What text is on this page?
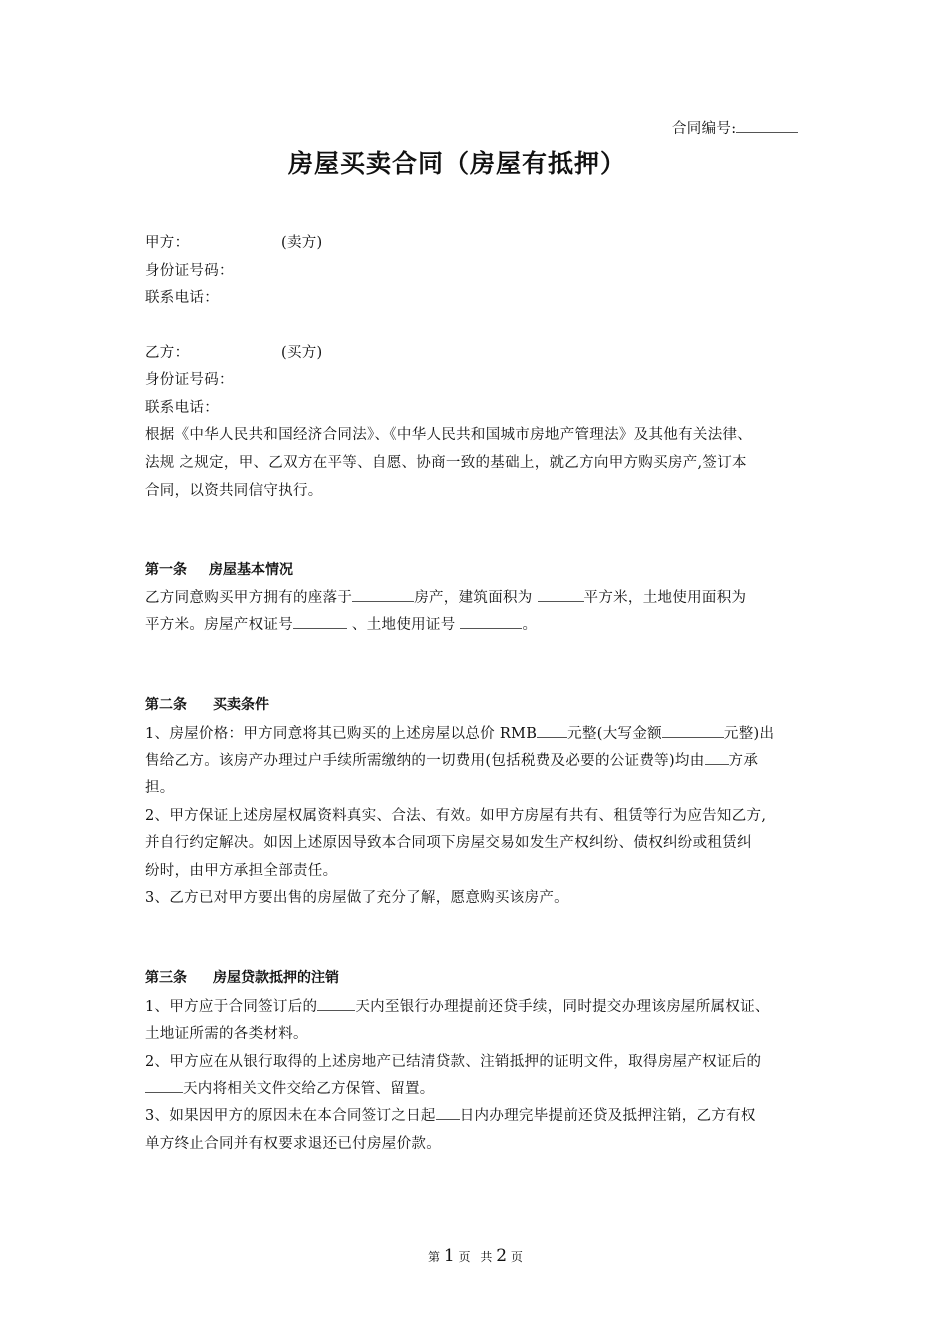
合同编号:
房屋买卖合同（房屋有抵押）
甲方：	(卖方)
身份证号码：
联系电话：
乙方：	(买方)
身份证号码：
联系电话：
根据《中华人民共和国经济合同法》、《中华人民共和国城市房地产管理法》及其他有关法律、
法规 之规定，甲、乙双方在平等、自愿、协商一致的基础上，就乙方向甲方购买房产,签订本
合同，以资共同信守执行。
第一条 房屋基本情况
乙方同意购买甲方拥有的座落于	房产，建筑面积为	平方米，土地使用面积为
平方米。房屋产权证号	、土地使用证号	。
第二条 买卖条件
1、房屋价格：甲方同意将其已购买的上述房屋以总价 RMB 元整(大写金额	元整)出
售给乙方。该房产办理过户手续所需缴纳的一切费用(包括税费及必要的公证费等)均由 方承
担。
2、甲方保证上述房屋权属资料真实、合法、有效。如甲方房屋有共有、租赁等行为应告知乙方,
并自行约定解决。如因上述原因导致本合同项下房屋交易如发生产权纠纷、债权纠纷或租赁纠
纷时，由甲方承担全部责任。
3、乙方已对甲方要出售的房屋做了充分了解，愿意购买该房产。
第三条 房屋贷款抵押的注销
1、甲方应于合同签订后的	天内至银行办理提前还贷手续，同时提交办理该房屋所属权证、
土地证所需的各类材料。
2、甲方应在从银行取得的上述房地产已结清贷款、注销抵押的证明文件，取得房屋产权证后的
天内将相关文件交给乙方保管、留置。
3、如果因甲方的原因未在本合同签订之日起 日内办理完毕提前还贷及抵押注销，乙方有权
单方终止合同并有权要求退还已付房屋价款。
第 1 页 共 2 页
